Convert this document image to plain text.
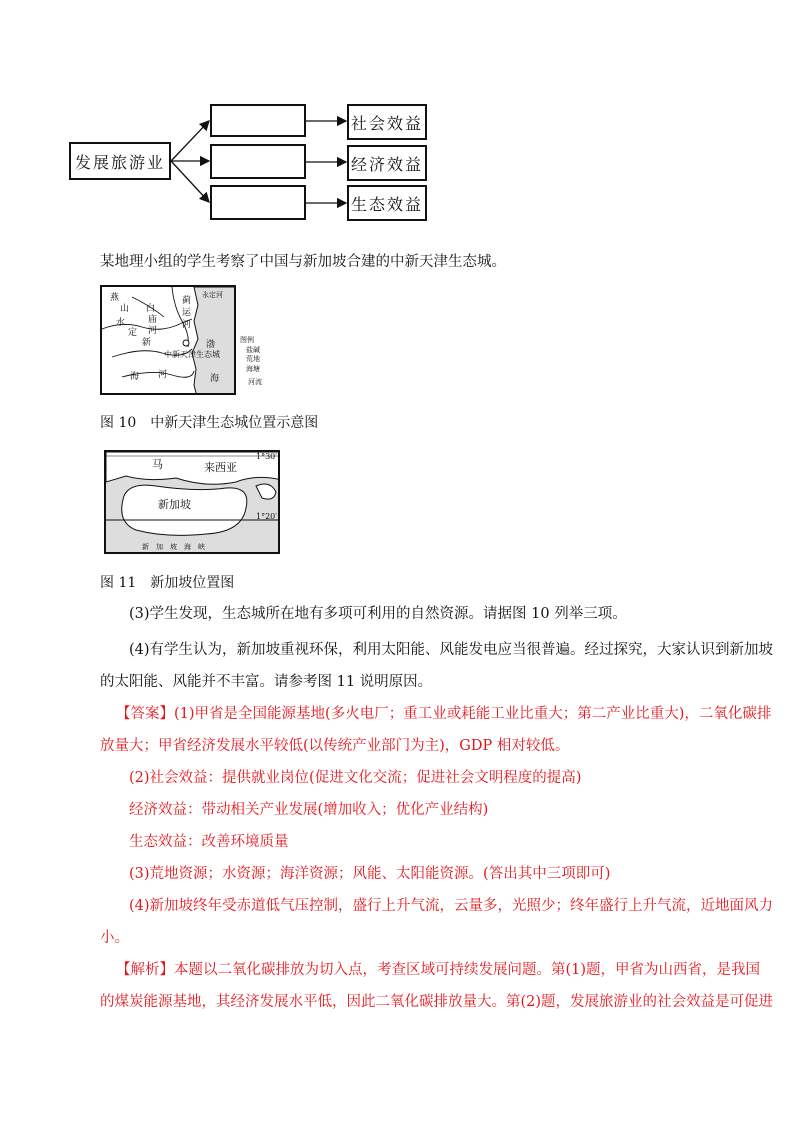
发展旅游业
社会效益
经济效益
生态效益
某地理小组的学生考察了中国与新加坡合建的中新天津生态城。
燕
山 白
庙
河
蓟
运
河
永定河
水
定
新
中新天津生态城
海 河
渤
海
图例
盐碱
荒地
海塘
河流
图 10　中新天津生态城位置示意图
马	来西亚
新加坡
1°30′
1°20′
新　加　坡　海　峡
图 11　新加坡位置图
(3)学生发现，生态城所在地有多项可利用的自然资源。请据图 10 列举三项。
(4)有学生认为，新加坡重视环保，利用太阳能、风能发电应当很普遍。经过探究，大家认识到新加坡
的太阳能、风能并不丰富。请参考图 11 说明原因。
【答案】(1)甲省是全国能源基地(多火电厂；重工业或耗能工业比重大；第二产业比重大)，二氧化碳排
放量大；甲省经济发展水平较低(以传统产业部门为主)，GDP 相对较低。
(2)社会效益：提供就业岗位(促进文化交流；促进社会文明程度的提高)
经济效益：带动相关产业发展(增加收入；优化产业结构)
生态效益：改善环境质量
(3)荒地资源；水资源；海洋资源；风能、太阳能资源。(答出其中三项即可)
(4)新加坡终年受赤道低气压控制，盛行上升气流，云量多，光照少；终年盛行上升气流，近地面风力
小。
【解析】本题以二氧化碳排放为切入点，考查区域可持续发展问题。第(1)题，甲省为山西省，是我国
的煤炭能源基地，其经济发展水平低，因此二氧化碳排放量大。第(2)题，发展旅游业的社会效益是可促进
